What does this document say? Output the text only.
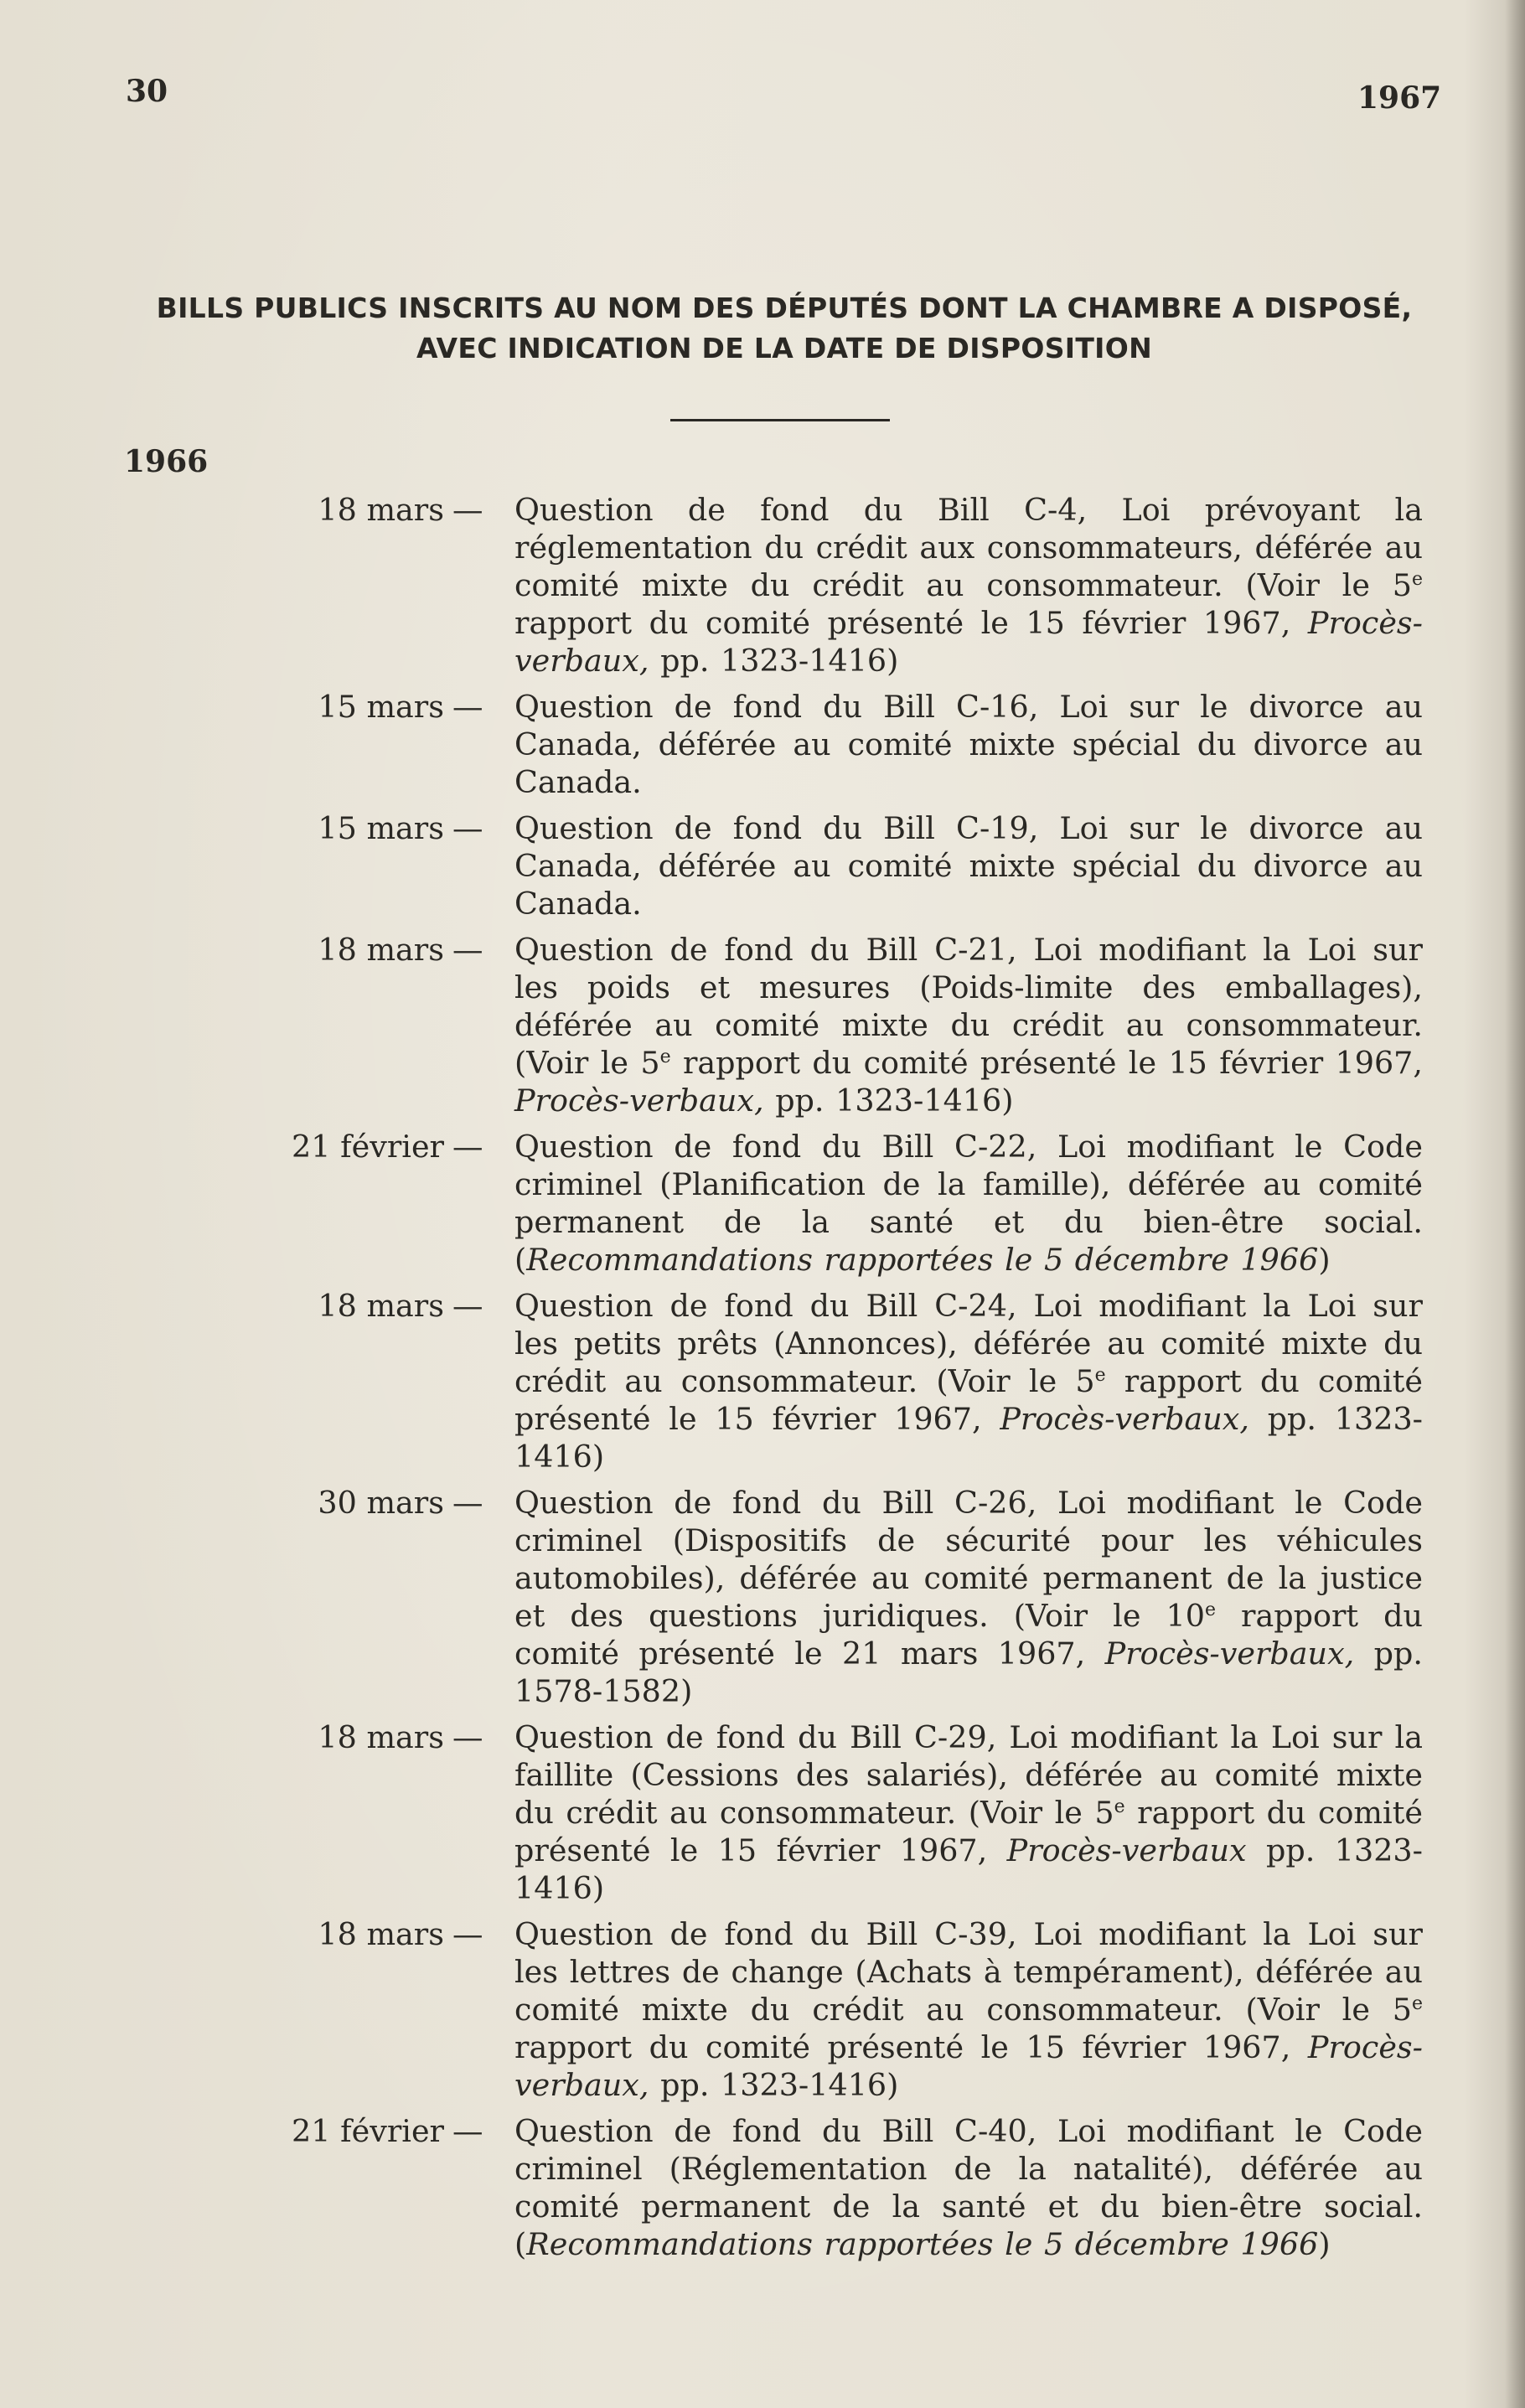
30	1967
BILLS PUBLICS INSCRITS AU NOM DES DÉPUTÉS DONT LA CHAMBRE A DISPOSÉ,
AVEC INDICATION DE LA DATE DE DISPOSITION
1966
18 mars —	Question de fond du Bill C-4, Loi prévoyant la réglementation du crédit aux consommateurs, déférée au comité mixte du crédit au consommateur. (Voir le 5e rapport du comité présenté le 15 février 1967, Procès-verbaux, pp. 1323-1416)
15 mars —	Question de fond du Bill C-16, Loi sur le divorce au Canada, déférée au comité mixte spécial du divorce au Canada.
15 mars —	Question de fond du Bill C-19, Loi sur le divorce au Canada, déférée au comité mixte spécial du divorce au Canada.
18 mars —	Question de fond du Bill C-21, Loi modifiant la Loi sur les poids et mesures (Poids-limite des emballages), déférée au comité mixte du crédit au consommateur. (Voir le 5e rapport du comité présenté le 15 février 1967, Procès-verbaux, pp. 1323-1416)
21 février —	Question de fond du Bill C-22, Loi modifiant le Code criminel (Planification de la famille), déférée au comité permanent de la santé et du bien-être social. (Recommandations rapportées le 5 décembre 1966)
18 mars —	Question de fond du Bill C-24, Loi modifiant la Loi sur les petits prêts (Annonces), déférée au comité mixte du crédit au consommateur. (Voir le 5e rapport du comité présenté le 15 février 1967, Procès-verbaux, pp. 1323-1416)
30 mars —	Question de fond du Bill C-26, Loi modifiant le Code criminel (Dispositifs de sécurité pour les véhicules automobiles), déférée au comité permanent de la justice et des questions juridiques. (Voir le 10e rapport du comité présenté le 21 mars 1967, Procès-verbaux, pp. 1578-1582)
18 mars —	Question de fond du Bill C-29, Loi modifiant la Loi sur la faillite (Cessions des salariés), déférée au comité mixte du crédit au consommateur. (Voir le 5e rapport du comité présenté le 15 février 1967, Procès-verbaux pp. 1323-1416)
18 mars —	Question de fond du Bill C-39, Loi modifiant la Loi sur les lettres de change (Achats à tempérament), déférée au comité mixte du crédit au consommateur. (Voir le 5e rapport du comité présenté le 15 février 1967, Procès-verbaux, pp. 1323-1416)
21 février —	Question de fond du Bill C-40, Loi modifiant le Code criminel (Réglementation de la natalité), déférée au comité permanent de la santé et du bien-être social. (Recommandations rapportées le 5 décembre 1966)
